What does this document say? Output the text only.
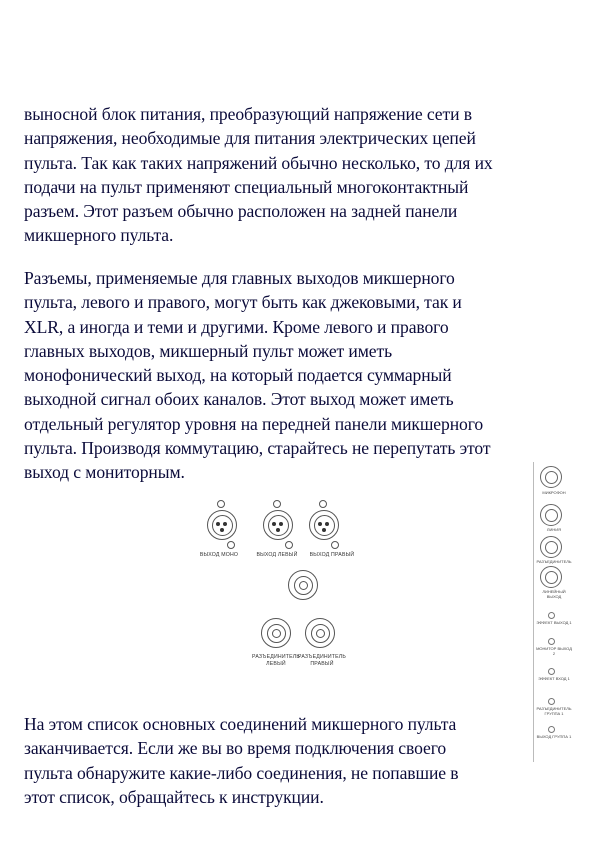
выносной блок питания, преобразующий напряжение сети в
напряжения, необходимые для питания электрических цепей
пульта. Так как таких напряжений обычно несколько, то для их
подачи на пульт применяют специальный многоконтактный
разъем. Этот разъем обычно расположен на задней панели
микшерного пульта.
Разъемы, применяемые для главных выходов микшерного
пульта, левого и правого, могут быть как джековыми, так и
XLR, а иногда и теми и другими. Кроме левого и правого
главных выходов, микшерный пульт может иметь
монофонический выход, на который подается суммарный
выходной сигнал обоих каналов. Этот выход может иметь
отдельный регулятор уровня на передней панели микшерного
пульта. Производя коммутацию, старайтесь не перепутать этот
выход с мониторным.
ВЫХОД МОНО	ВЫХОД ЛЕВЫЙ	ВЫХОД ПРАВЫЙ
РАЗЪЕДИНИТЕЛЬ
ЛЕВЫЙ
РАЗЪЕДИНИТЕЛЬ
ПРАВЫЙ
МИКРОФОН
ЛИНИЯ
РАЗЪЕДИНИТЕЛЬ
ЛИНЕЙНЫЙ ВЫХОД
ЭФФЕКТ ВЫХОД 1
МОНИТОР ВЫХОД 2
ЭФФЕКТ ВХОД 1
РАЗЪЕДИНИТЕЛЬ ГРУППА 1
ВЫХОД ГРУППА 1
На этом список основных соединений микшерного пульта
заканчивается. Если же вы во время подключения своего
пульта обнаружите какие-либо соединения, не попавшие в
этот список, обращайтесь к инструкции.
